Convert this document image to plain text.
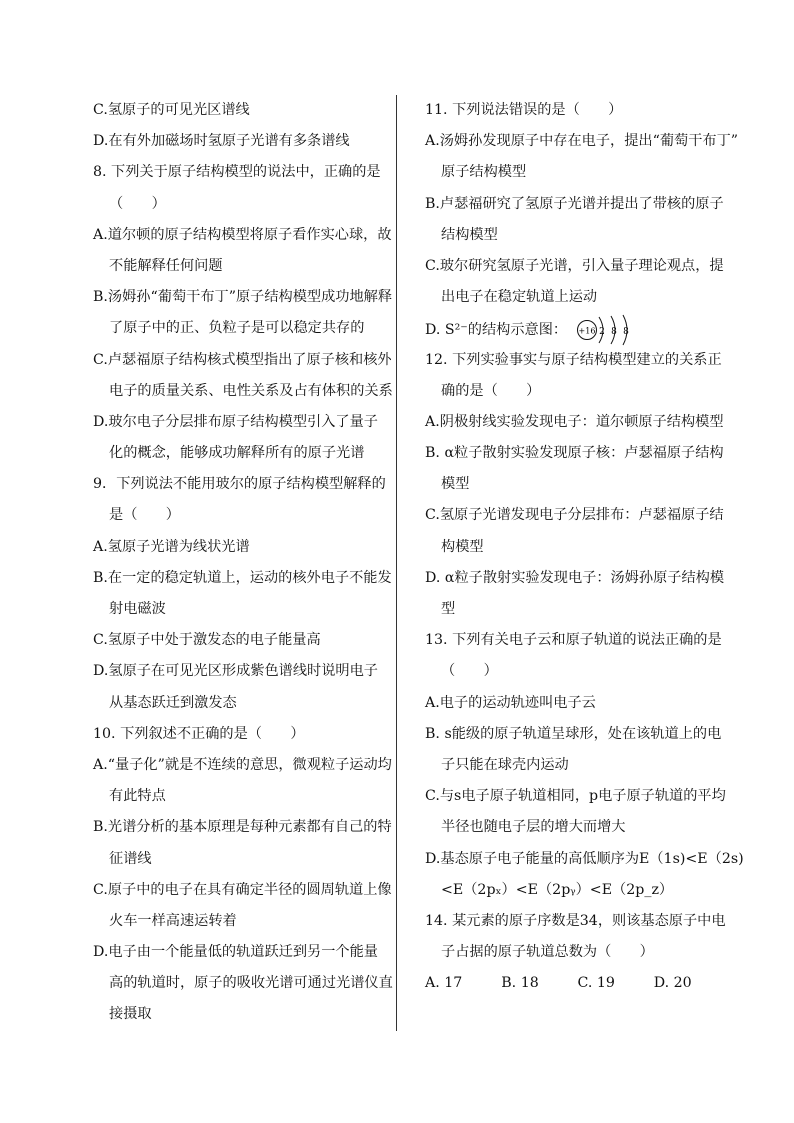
C.氢原子的可见光区谱线
D.在有外加磁场时氢原子光谱有多条谱线
8. 下列关于原子结构模型的说法中，正确的是
（　　）
A.道尔顿的原子结构模型将原子看作实心球，故
不能解释任何问题
B.汤姆孙“葡萄干布丁”原子结构模型成功地解释
了原子中的正、负粒子是可以稳定共存的
C.卢瑟福原子结构核式模型指出了原子核和核外
电子的质量关系、电性关系及占有体积的关系
D.玻尔电子分层排布原子结构模型引入了量子
化的概念，能够成功解释所有的原子光谱
9．下列说法不能用玻尔的原子结构模型解释的
是（　　）
A.氢原子光谱为线状光谱
B.在一定的稳定轨道上，运动的核外电子不能发
射电磁波
C.氢原子中处于激发态的电子能量高
D.氢原子在可见光区形成紫色谱线时说明电子
从基态跃迁到激发态
10. 下列叙述不正确的是（　　）
A.“量子化”就是不连续的意思，微观粒子运动均
有此特点
B.光谱分析的基本原理是每种元素都有自己的特
征谱线
C.原子中的电子在具有确定半径的圆周轨道上像
火车一样高速运转着
D.电子由一个能量低的轨道跃迁到另一个能量
高的轨道时，原子的吸收光谱可通过光谱仪直
接摄取
11. 下列说法错误的是（　　）
A.汤姆孙发现原子中存在电子，提出“葡萄干布丁”
原子结构模型
B.卢瑟福研究了氢原子光谱并提出了带核的原子
结构模型
C.玻尔研究氢原子光谱，引入量子理论观点，提
出电子在稳定轨道上运动
D. S²⁻的结构示意图： +16 2 8 8
12. 下列实验事实与原子结构模型建立的关系正
确的是（　　）
A.阴极射线实验发现电子：道尔顿原子结构模型
B. α粒子散射实验发现原子核：卢瑟福原子结构
模型
C.氢原子光谱发现电子分层排布：卢瑟福原子结
构模型
D. α粒子散射实验发现电子：汤姆孙原子结构模
型
13. 下列有关电子云和原子轨道的说法正确的是
（　　）
A.电子的运动轨迹叫电子云
B. s能级的原子轨道呈球形，处在该轨道上的电
子只能在球壳内运动
C.与s电子原子轨道相同，p电子原子轨道的平均
半径也随电子层的增大而增大
D.基态原子电子能量的高低顺序为E（1s)<E（2s)
<E（2pₓ）<E（2pᵧ）<E（2p_z）
14. 某元素的原子序数是34，则该基态原子中电
子占据的原子轨道总数为（　　）
A. 17	B. 18	C. 19	D. 20
